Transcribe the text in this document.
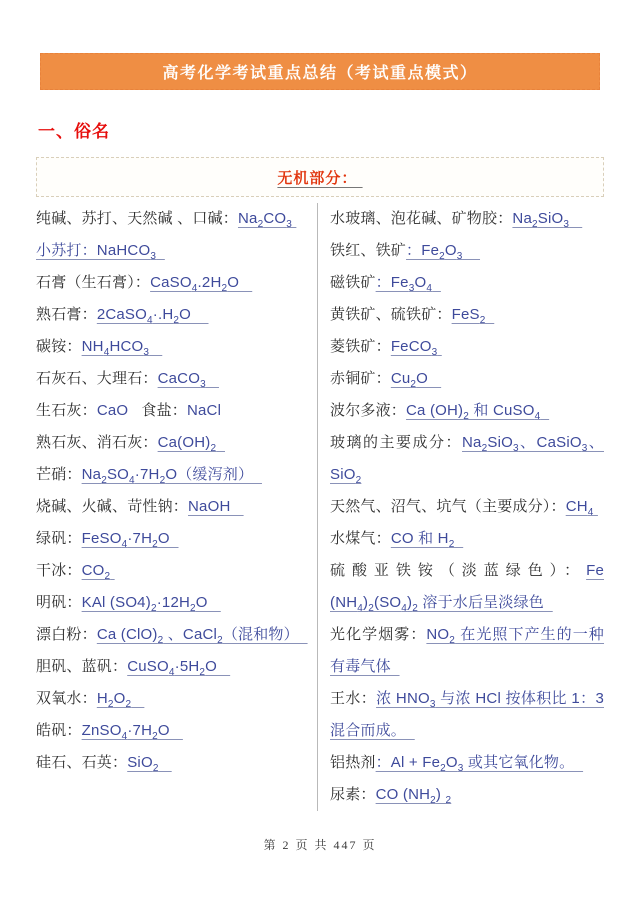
高考化学考试重点总结（考试重点模式）
一、俗名
无机部分：
纯碱、苏打、天然碱 、口碱：$Na_2CO_3$
小苏打：NaHCO$_3$
石膏（生石膏）：$CaSO_4.2H_2O$
熟石膏：$2CaSO_4\cdot.H_2O$
碳铵：$NH_4HCO_3$
石灰石、大理石：CaCO$_3$
生石灰：CaO   食盐：NaCl
熟石灰、消石灰：$Ca(OH)_2$
芒硝：$Na_2SO_4\cdot 7H_2O$（缓泻剂）
烧碱、火碱、苛性钠：NaOH
绿矾：$FeSO_4\cdot 7H_2O$
干冰：$CO_2$
明矾：KAl $(SO4)_2\cdot 12H_2O$
漂白粉：Ca $(ClO)_2$ 、CaCl$_2$（混和物）
胆矾、蓝矾：$CuSO_4\cdot 5H_2O$
双氧水：$H_2O_2$
皓矾：$ZnSO_4\cdot 7H_2O$
硅石、石英：SiO$_2$
水玻璃、泡花碱、矿物胶：$Na_2SiO_3$
铁红、铁矿：$Fe_2O_3$
磁铁矿：$Fe_3O_4$
黄铁矿、硫铁矿：FeS$_2$
菱铁矿：FeCO$_3$
赤铜矿：$Cu_2O$
波尔多液：Ca $(OH)_2$ 和 CuSO$_4$
玻璃的主要成分：$Na_2SiO_3$、CaSiO$_3$、SiO$_2$
天然气、沼气、坑气（主要成分）：$CH_4$
水煤气：CO 和 $H_2$
硫酸亚铁铵（淡蓝绿色）：Fe $(NH_4)_2(SO_4)_2$ 溶于水后呈淡绿色
光化学烟雾：$NO_2$ 在光照下产生的一种有毒气体
王水：浓 $HNO_3$ 与浓 HCl 按体积比 1：3 混合而成。
铝热剂：$Al + Fe_2O_3$ 或其它氧化物。
尿素：CO $(NH_2)$ $_2$
第 2 页 共 447 页
